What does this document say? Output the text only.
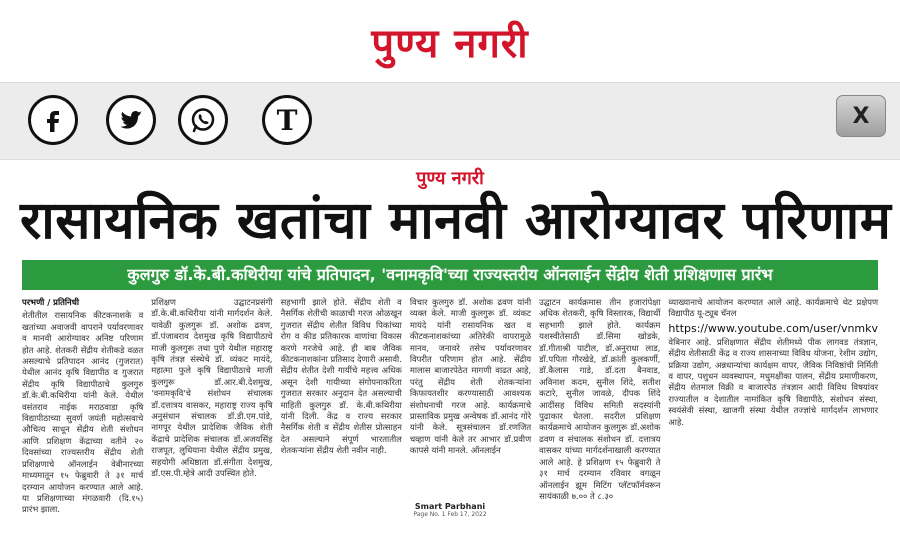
पुण्य नगरी
T	X
पुण्य नगरी
रासायनिक खतांचा मानवी आरोग्यावर परिणाम
कुलगुरु डॉ.के.बी.कथिरीया यांचे प्रतिपादन, 'वनामकृवि'च्या राज्यस्तरीय ऑनलाईन सेंद्रीय शेती प्रशिक्षणास प्रारंभ

परभणी / प्रतिनिधी

शेतीतील रासायनिक कीटकनाशके व खतांच्या अवाजवी वापराने पर्यावरणावर व मानवी आरोग्यावर अनिष्ट परिणाम होत आहे. शेतकरी सेंद्रीय शेतीकडे वळत असल्याचे प्रतिपादन आनंद (गुजरात) येथील आनंद कृषि विद्यापीठ व गुजरात सेंद्रीय कृषि विद्यापीठाचे कुलगुरु डॉ.के.बी.कथिरीया यांनी केले. येथील वसंतराव नाईक मराठवाडा कृषि विद्यापीठाच्या सुवर्ण जयंती महोत्सवाचे औचित्य साधून सेंद्रीय शेती संशोधन आणि प्रशिक्षण केंद्राच्या वतीने २० दिवसांच्या राज्यस्तरीय सेंद्रीय शेती प्रशिक्षणाचे ऑनलाईन वेबीनारच्या माध्यमातून १५ फेब्रुवारी ते ३१ मार्च दरम्यान आयोजन करण्यात आले आहे. या प्रशिक्षणाच्या मंगळवारी (दि.१५) प्रारंभ झाला.

प्रशिक्षण उद्घाटनप्रसंगी डॉ.के.बी.कथिरीया यांनी मार्गदर्शन केले. यावेळी कुलगुरू डॉ. अशोक ढवण, डॉ.पंजाबराव देशमुख कृषि विद्यापीठाचे माजी कुलगुरू तथा पुणे येथील महाराष्ट्र कृषि तंत्रज्ञ संस्थेचे डॉ. व्यंकट मायंदे, महात्मा फुले कृषि विद्यापीठाचे माजी कुलगुरू डॉ.आर.बी.देशमुख, 'वनामकृवि'चे संशोधन संचालक डॉ.दत्तात्रय वासकर, महाराष्ट्र राज्य कृषि अनुसंधान संचालक डॉ.डी.एम.पांडे, नागपूर येथील प्रादेशिक जैविक शेती केंद्राचे प्रादेशिक संचालक डॉ.अजयसिंह राजपूत, लुधियाना येथील सेंद्रीय प्रमुख, सहयोगी अधिष्ठाता डॉ.संगीता देशमुख, डॉ.एस.पी.म्हेत्रे आदी उपस्थित होते.

सहभागी झाले होते. सेंद्रीय शेती व नैसर्गिक शेतीची काळाची गरज ओळखून गुजरात सेंद्रीय शेतीत विविध पिकांच्या रोग व कीड प्रतिकारक वाणांचा विकास करणे गरजेचे आहे. ही बाब जैविक कीटकनाशकांना प्रतिसाद देणारी असावी. सेंद्रीय शेतीत देशी गायींचे महत्त्व अधिक असून देशी गायीच्या संगोपनाकरिता गुजरात सरकार अनुदान देत असल्याची माहिती कुलगुरु डॉ. के.बी.कथिरीया यांनी दिली. केंद्र व राज्य सरकार नैसर्गिक शेती व सेंद्रीय शेतीस प्रोत्साहन देत असल्याने संपूर्ण भारतातील शेतकऱ्यांना सेंद्रीय शेती नवीन नाही.

विचार कुलगुरु डॉ. अशोक ढवण यांनी व्यक्त केले. माजी कुलगुरू डॉ. व्यंकट मायंदे यांनी रासायनिक खत व कीटकनाशकांच्या अतिरेकी वापरामुळे मानव, जनावरे तसेच पर्यावरणावर विपरीत परिणाम होत आहे. सेंद्रीय मालास बाजारपेठेत मागणी वाढत आहे, परंतु सेंद्रीय शेती शेतकऱ्यांना किफायतशीर करण्यासाठी आवश्यक संशोधनाची गरज आहे. कार्यक्रमाचे प्रास्ताविक प्रमुख अन्वेषक डॉ.आनंद गोरे यांनी केले. सूत्रसंचालन डॉ.रणजित चव्हाण यांनी केले तर आभार डॉ.प्रवीण कापसे यांनी मानले. ऑनलाईन

उद्घाटन कार्यक्रमास तीन हजारांपेक्षा अधिक शेतकरी, कृषि विस्तारक, विद्यार्थी सहभागी झाले होते. कार्यक्रम यशस्वीतेसाठी डॉ.सिमा खोडके, डॉ.गीताश्री पाटील, डॉ.अनुराधा लाड, डॉ.पपिता गौरखेडे, डॉ.क्रांती कुलकर्णी, डॉ.कैलास गाडे, डॉ.दता बैनवाड, अविनाश कदम, सुनील शिंदे, सतीश कटारे, सुनील जावळे, दीपक शिंदे आदींसह विविध समिती सदस्यांनी पुढाकार घेतला. सदरील प्रशिक्षण कार्यक्रमाचे आयोजन कुलगुरू डॉ.अशोक ढवण व संचालक संशोधन डॉ. दत्तात्रय वासकर यांच्या मार्गदर्शनाखाली करण्यात आले आहे. हे प्रशिक्षण १५ फेब्रुवारी ते ३१ मार्च दरम्यान रविवार वगळून ऑनलाईन झूम मिटिंग प्लॅटफॉर्मवरून सायंकाळी ७.०० ते ८.३०

व्याख्यानाचे आयोजन करण्यात आले आहे. कार्यक्रमाचे थेट प्रक्षेपण विद्यापीठ यू-ट्यूब चॅनल

https://www.youtube.com/user/vnmkv

वेबिनार आहे. प्रशिक्षणात सेंद्रीय शेतीमध्ये पीक लागवड तंत्रज्ञान, सेंद्रीय शेतीसाठी केंद्र व राज्य शासनाच्या विविध योजना, रेशीम उद्योग, प्रक्रिया उद्योग, अन्नधान्यांचा कार्यक्षम वापर, जैविक निविष्ठांची निर्मिती व वापर, पशुधन व्यवस्थापन, मधुमक्षीका पालन, सेंद्रीय प्रमाणीकरण, सेंद्रीय शेतमाल विक्री व बाजारपेठ तंत्रज्ञान आदी विविध विषयांवर राज्यातील व देशातील नामांकित कृषि विद्यापीठे, संशोधन संस्था, स्वयंसेवी संस्था, खाजगी संस्था येथील तज्ज्ञांचे मार्गदर्शन लाभणार आहे.

Smart Parbhani
Page No. 1 Feb 17, 2022
